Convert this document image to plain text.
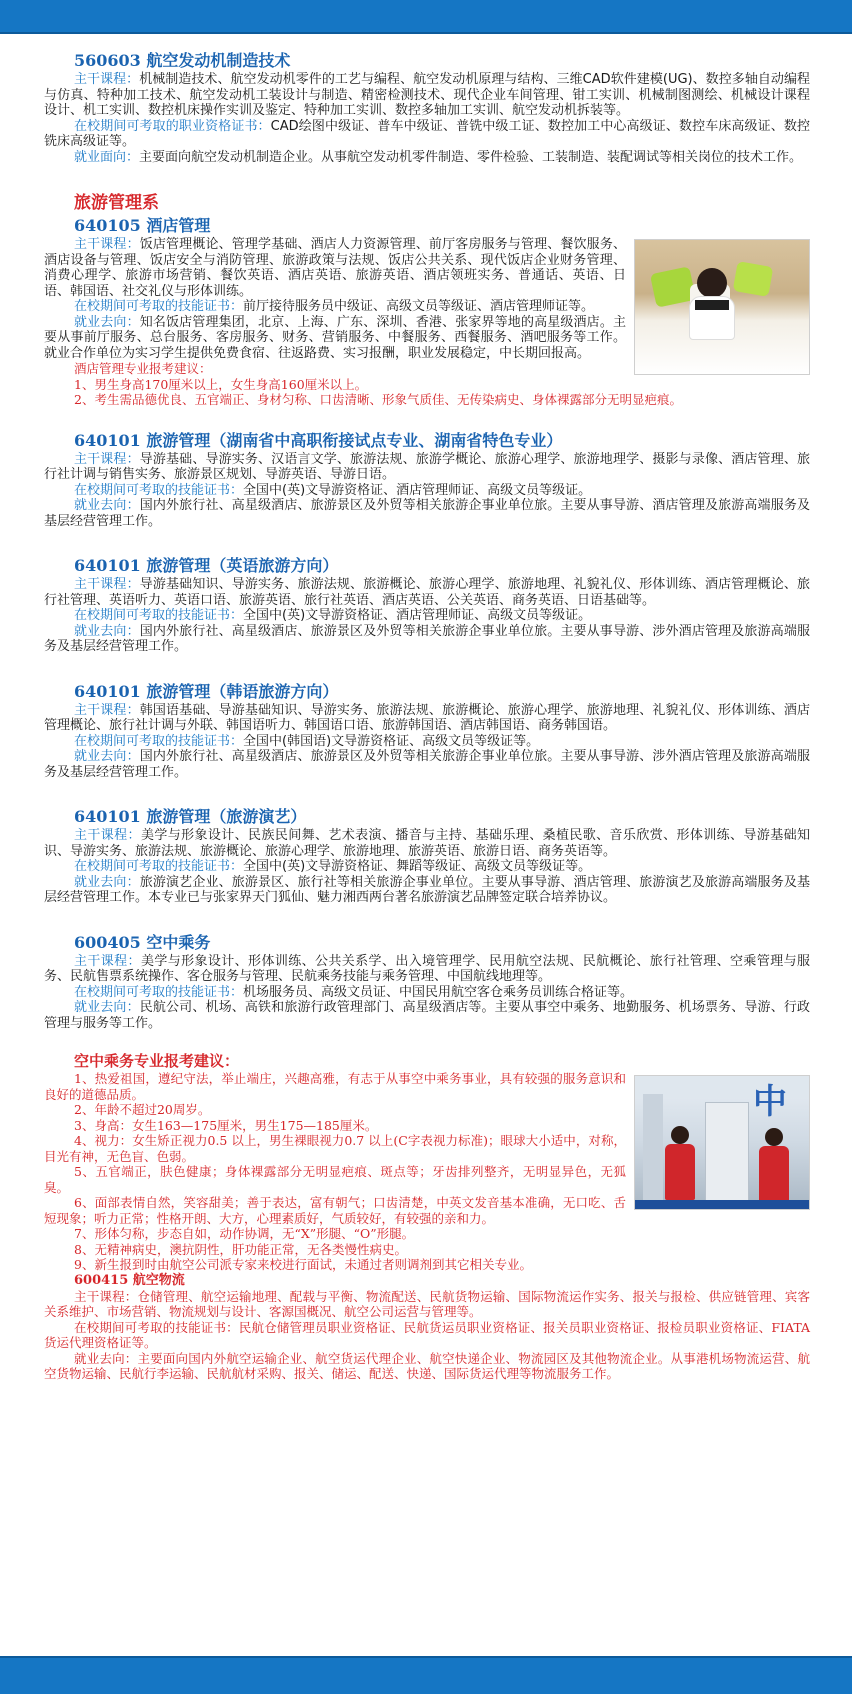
560603 航空发动机制造技术

主干课程：机械制造技术、航空发动机零件的工艺与编程、航空发动机原理与结构、三维CAD软件建模(UG)、数控多轴自动编程与仿真、特种加工技术、航空发动机工装设计与制造、精密检测技术、现代企业车间管理、钳工实训、机械制图测绘、机械设计课程设计、机工实训、数控机床操作实训及鉴定、特种加工实训、数控多轴加工实训、航空发动机拆装等。

在校期间可考取的职业资格证书：CAD绘图中级证、普车中级证、普铣中级工证、数控加工中心高级证、数控车床高级证、数控铣床高级证等。

就业面向：主要面向航空发动机制造企业。从事航空发动机零件制造、零件检验、工装制造、装配调试等相关岗位的技术工作。

旅游管理系
640105 酒店管理

主干课程：饭店管理概论、管理学基础、酒店人力资源管理、前厅客房服务与管理、餐饮服务、酒店设备与管理、饭店安全与消防管理、旅游政策与法规、饭店公共关系、现代饭店企业财务管理、消费心理学、旅游市场营销、餐饮英语、酒店英语、旅游英语、酒店领班实务、普通话、英语、日语、韩国语、社交礼仪与形体训练。

在校期间可考取的技能证书：前厅接待服务员中级证、高级文员等级证、酒店管理师证等。

就业去向：知名饭店管理集团，北京、上海、广东、深圳、香港、张家界等地的高星级酒店。主要从事前厅服务、总台服务、客房服务、财务、营销服务、中餐服务、西餐服务、酒吧服务等工作。就业合作单位为实习学生提供免费食宿、往返路费、实习报酬，职业发展稳定，中长期回报高。

酒店管理专业报考建议：

1、男生身高170厘米以上，女生身高160厘米以上。

2、考生需品德优良、五官端正、身材匀称、口齿清晰、形象气质佳、无传染病史、身体裸露部分无明显疤痕。

640101 旅游管理（湖南省中高职衔接试点专业、湖南省特色专业）

主干课程：导游基础、导游实务、汉语言文学、旅游法规、旅游学概论、旅游心理学、旅游地理学、摄影与录像、酒店管理、旅行社计调与销售实务、旅游景区规划、导游英语、导游日语。

在校期间可考取的技能证书：全国中(英)文导游资格证、酒店管理师证、高级文员等级证。

就业去向：国内外旅行社、高星级酒店、旅游景区及外贸等相关旅游企事业单位旅。主要从事导游、酒店管理及旅游高端服务及基层经营管理工作。

640101 旅游管理（英语旅游方向）

主干课程：导游基础知识、导游实务、旅游法规、旅游概论、旅游心理学、旅游地理、礼貌礼仪、形体训练、酒店管理概论、旅行社管理、英语听力、英语口语、旅游英语、旅行社英语、酒店英语、公关英语、商务英语、日语基础等。

在校期间可考取的技能证书：全国中(英)文导游资格证、酒店管理师证、高级文员等级证。

就业去向：国内外旅行社、高星级酒店、旅游景区及外贸等相关旅游企事业单位旅。主要从事导游、涉外酒店管理及旅游高端服务及基层经营管理工作。

640101 旅游管理（韩语旅游方向）

主干课程：韩国语基础、导游基础知识、导游实务、旅游法规、旅游概论、旅游心理学、旅游地理、礼貌礼仪、形体训练、酒店管理概论、旅行社计调与外联、韩国语听力、韩国语口语、旅游韩国语、酒店韩国语、商务韩国语。

在校期间可考取的技能证书：全国中(韩国语)文导游资格证、高级文员等级证等。

就业去向：国内外旅行社、高星级酒店、旅游景区及外贸等相关旅游企事业单位旅。主要从事导游、涉外酒店管理及旅游高端服务及基层经营管理工作。

640101 旅游管理（旅游演艺）

主干课程：美学与形象设计、民族民间舞、艺术表演、播音与主持、基础乐理、桑植民歌、音乐欣赏、形体训练、导游基础知识、导游实务、旅游法规、旅游概论、旅游心理学、旅游地理、旅游英语、旅游日语、商务英语等。

在校期间可考取的技能证书：全国中(英)文导游资格证、舞蹈等级证、高级文员等级证等。

就业去向：旅游演艺企业、旅游景区、旅行社等相关旅游企事业单位。主要从事导游、酒店管理、旅游演艺及旅游高端服务及基层经营管理工作。本专业已与张家界天门狐仙、魅力湘西两台著名旅游演艺品牌签定联合培养协议。

600405 空中乘务

主干课程：美学与形象设计、形体训练、公共关系学、出入境管理学、民用航空法规、民航概论、旅行社管理、空乘管理与服务、民航售票系统操作、客仓服务与管理、民航乘务技能与乘务管理、中国航线地理等。

在校期间可考取的技能证书：机场服务员、高级文员证、中国民用航空客仓乘务员训练合格证等。

就业去向：民航公司、机场、高铁和旅游行政管理部门、高星级酒店等。主要从事空中乘务、地勤服务、机场票务、导游、行政管理与服务等工作。

空中乘务专业报考建议：
中

1、热爱祖国，遵纪守法，举止端庄，兴趣高雅，有志于从事空中乘务事业，具有较强的服务意识和良好的道德品质。

2、年龄不超过20周岁。

3、身高：女生163—175厘米，男生175—185厘米。

4、视力：女生矫正视力0.5 以上，男生裸眼视力0.7 以上(C字表视力标准)；眼球大小适中，对称，目光有神，无色盲、色弱。

5、五官端正，肤色健康；身体裸露部分无明显疤痕、斑点等；牙齿排列整齐，无明显异色，无狐臭。

6、面部表情自然，笑容甜美；善于表达，富有朝气；口齿清楚，中英文发音基本准确，无口吃、舌短现象；听力正常；性格开朗、大方，心理素质好，气质较好，有较强的亲和力。

7、形体匀称，步态自如，动作协调，无“X”形腿、“O”形腿。

8、无精神病史，澳抗阴性，肝功能正常，无各类慢性病史。

9、新生报到时由航空公司派专家来校进行面试，未通过者则调剂到其它相关专业。

600415 航空物流

主干课程：仓储管理、航空运输地理、配载与平衡、物流配送、民航货物运输、国际物流运作实务、报关与报检、供应链管理、宾客关系维护、市场营销、物流规划与设计、客源国概况、航空公司运营与管理等。

在校期间可考取的技能证书：民航仓储管理员职业资格证、民航货运员职业资格证、报关员职业资格证、报检员职业资格证、FIATA 货运代理资格证等。

就业去向：主要面向国内外航空运输企业、航空货运代理企业、航空快递企业、物流园区及其他物流企业。从事港机场物流运营、航空货物运输、民航行李运输、民航航材采购、报关、储运、配送、快递、国际货运代理等物流服务工作。
